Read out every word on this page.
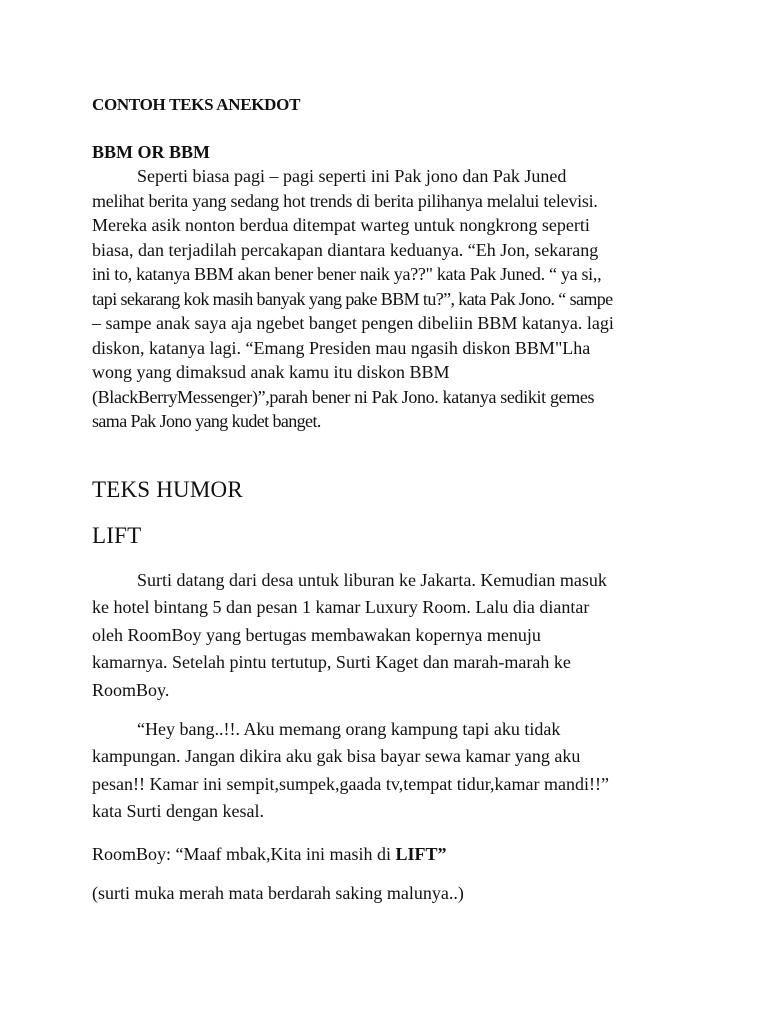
CONTOH TEKS ANEKDOT

BBM OR BBM

Seperti biasa pagi – pagi seperti ini Pak jono dan Pak Juned
melihat berita yang sedang hot trends di berita pilihanya melalui televisi.
Mereka asik nonton berdua ditempat warteg untuk nongkrong seperti
biasa, dan terjadilah percakapan diantara keduanya. “Eh Jon, sekarang
ini to, katanya BBM akan bener bener naik ya??" kata Pak Juned. “ ya si,,
tapi sekarang kok masih banyak yang pake BBM tu?”, kata Pak Jono. “ sampe
– sampe anak saya aja ngebet banget pengen dibeliin BBM katanya. lagi
diskon, katanya lagi. “Emang Presiden mau ngasih diskon BBM"Lha
wong yang dimaksud anak kamu itu diskon BBM
(BlackBerryMessenger)”,parah bener ni Pak Jono. katanya sedikit gemes
sama Pak Jono yang kudet banget.

TEKS HUMOR
LIFT

Surti datang dari desa untuk liburan ke Jakarta. Kemudian masuk
ke hotel bintang 5 dan pesan 1 kamar Luxury Room. Lalu dia diantar
oleh RoomBoy yang bertugas membawakan kopernya menuju
kamarnya. Setelah pintu tertutup, Surti Kaget dan marah-marah ke
RoomBoy.

“Hey bang..!!. Aku memang orang kampung tapi aku tidak
kampungan. Jangan dikira aku gak bisa bayar sewa kamar yang aku
pesan!! Kamar ini sempit,sumpek,gaada tv,tempat tidur,kamar mandi!!”
kata Surti dengan kesal.

RoomBoy: “Maaf mbak,Kita ini masih di LIFT”

(surti muka merah mata berdarah saking malunya..)
